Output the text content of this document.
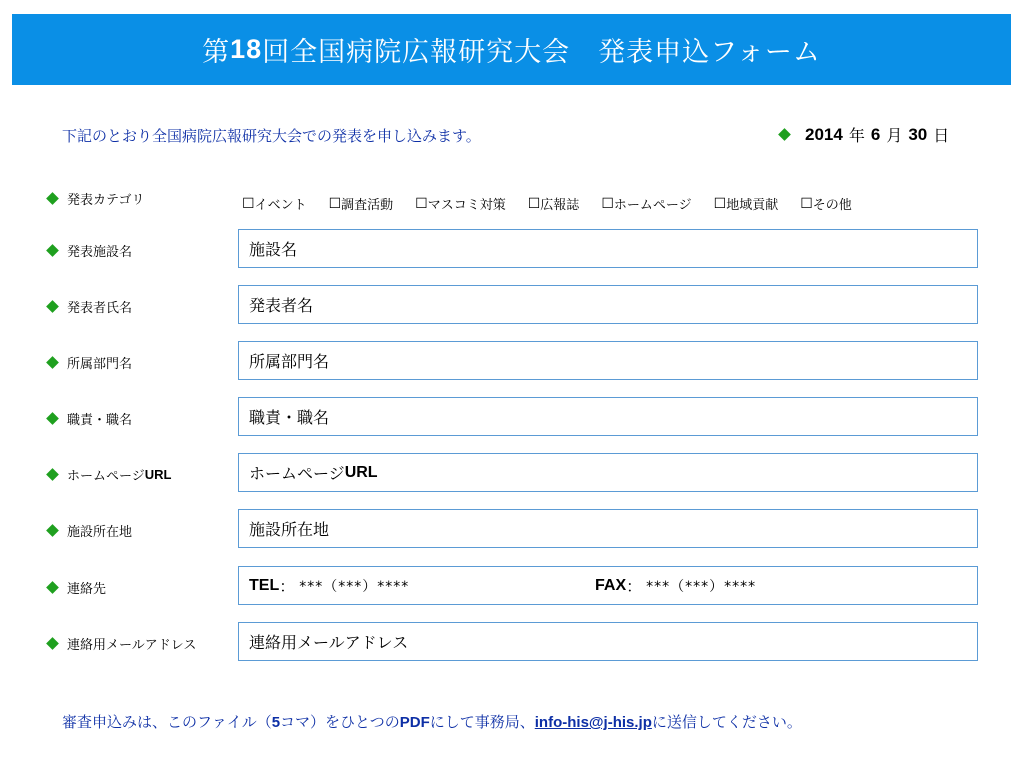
第 18 回全国病院広報研究大会　発表申込フォーム
下記のとおり全国病院広報研究大会での発表を申し込みます。	2014 年 6 月 30 日
発表カテゴリ	☐ イベント ☐ 調査活動 ☐ マスコミ対策 ☐ 広報誌 ☐ ホームページ ☐ 地域貢献 ☐ その他
発表施設名	施設名
発表者氏名	発表者名
所属部門名	所属部門名
職責・職名	職責・職名
ホームページ URL	ホームページ URL
施設所在地	施設所在地
連絡先	TEL ： ***（***）****	FAX ： ***（***）****
連絡用メールアドレス	連絡用メールアドレス
審査申込みは、このファイル（5コマ）をひとつのPDFにして事務局、info-his@j-his.jpに送信してください。
